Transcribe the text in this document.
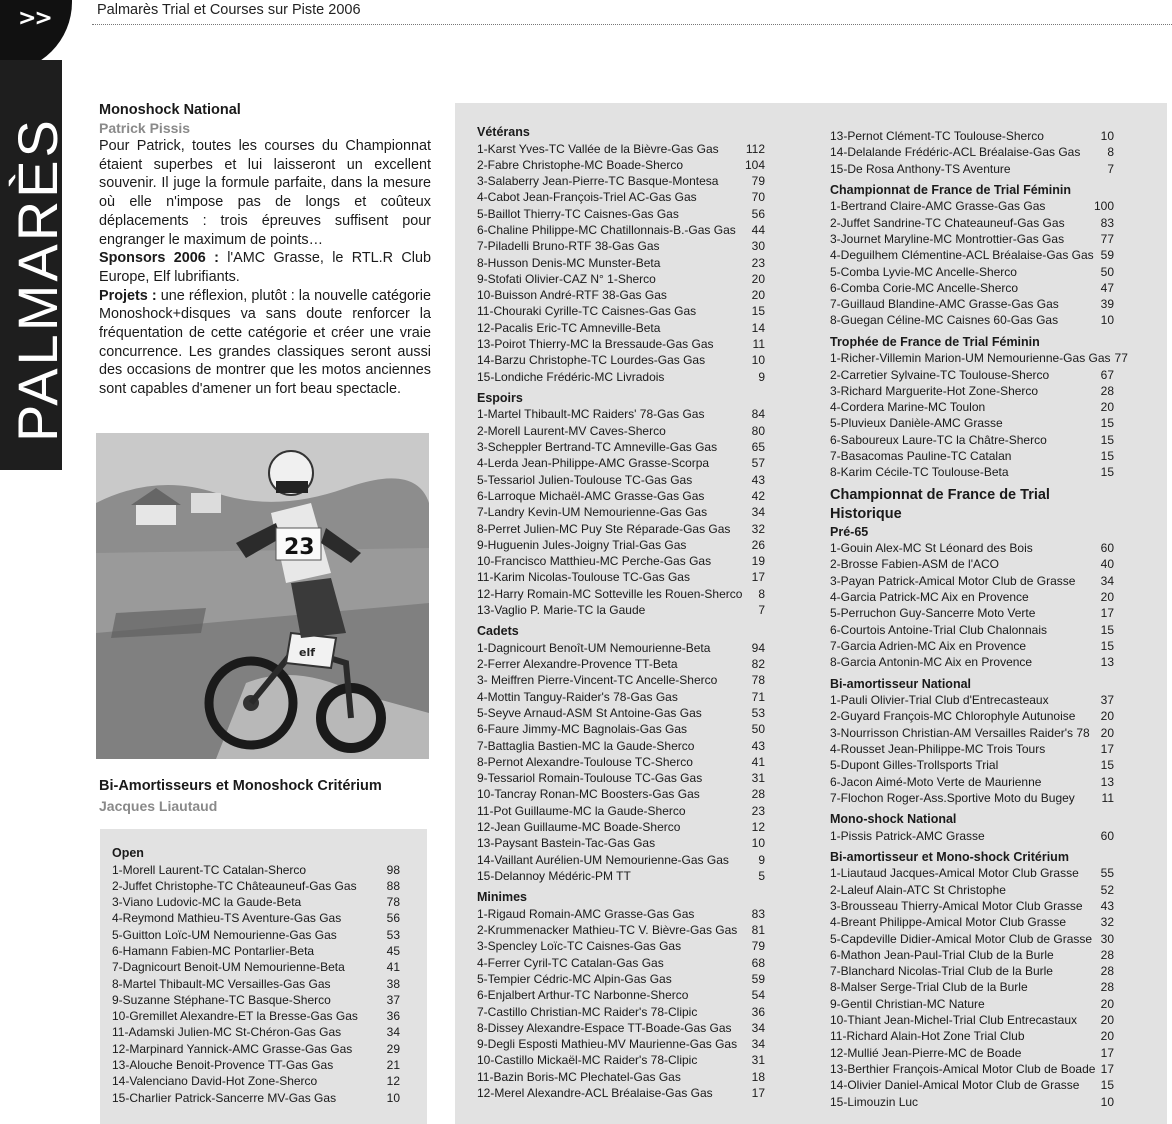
>>
PALMARÈS
Palmarès Trial et Courses sur Piste 2006
Monoshock National
Patrick Pissis

Pour Patrick, toutes les courses du Championnat étaient superbes et lui laisseront un excellent souvenir. Il juge la formule parfaite, dans la mesure où elle n'impose pas de longs et coûteux déplacements : trois épreuves suffisent pour engranger le maximum de points…

Sponsors 2006 : l'AMC Grasse, le RTL.R Club Europe, Elf lubrifiants.

Projets : une réflexion, plutôt : la nouvelle catégorie Monoshock+disques va sans doute renforcer la fréquentation de cette catégorie et créer une vraie concurrence. Les grandes classiques seront aussi des occasions de montrer que les motos anciennes sont capables d'amener un fort beau spectacle.

elf
23
Bi-Amortisseurs et Monoshock Critérium
Jacques Liautaud
Open
1-Morell Laurent-TC Catalan-Sherco	98
2-Juffet Christophe-TC Châteauneuf-Gas Gas	88
3-Viano Ludovic-MC la Gaude-Beta	78
4-Reymond Mathieu-TS Aventure-Gas Gas	56
5-Guitton Loïc-UM Nemourienne-Gas Gas	53
6-Hamann Fabien-MC Pontarlier-Beta	45
7-Dagnicourt Benoit-UM Nemourienne-Beta	41
8-Martel Thibault-MC Versailles-Gas Gas	38
9-Suzanne Stéphane-TC Basque-Sherco	37
10-Gremillet Alexandre-ET la Bresse-Gas Gas	36
11-Adamski Julien-MC St-Chéron-Gas Gas	34
12-Marpinard Yannick-AMC Grasse-Gas Gas	29
13-Alouche Benoit-Provence TT-Gas Gas	21
14-Valenciano David-Hot Zone-Sherco	12
15-Charlier Patrick-Sancerre MV-Gas Gas	10
Vétérans
1-Karst Yves-TC Vallée de la Bièvre-Gas Gas	112
2-Fabre Christophe-MC Boade-Sherco	104
3-Salaberry Jean-Pierre-TC Basque-Montesa	79
4-Cabot Jean-François-Triel AC-Gas Gas	70
5-Baillot Thierry-TC Caisnes-Gas Gas	56
6-Chaline Philippe-MC Chatillonnais-B.-Gas Gas	44
7-Piladelli Bruno-RTF 38-Gas Gas	30
8-Husson Denis-MC Munster-Beta	23
9-Stofati Olivier-CAZ N° 1-Sherco	20
10-Buisson André-RTF 38-Gas Gas	20
11-Chouraki Cyrille-TC Caisnes-Gas Gas	15
12-Pacalis Eric-TC Amneville-Beta	14
13-Poirot Thierry-MC la Bressaude-Gas Gas	11
14-Barzu Christophe-TC Lourdes-Gas Gas	10
15-Londiche Frédéric-MC Livradois	9
Espoirs
1-Martel Thibault-MC Raiders' 78-Gas Gas	84
2-Morell Laurent-MV Caves-Sherco	80
3-Scheppler Bertrand-TC Amneville-Gas Gas	65
4-Lerda Jean-Philippe-AMC Grasse-Scorpa	57
5-Tessariol Julien-Toulouse TC-Gas Gas	43
6-Larroque Michaël-AMC Grasse-Gas Gas	42
7-Landry Kevin-UM Nemourienne-Gas Gas	34
8-Perret Julien-MC Puy Ste Réparade-Gas Gas	32
9-Huguenin Jules-Joigny Trial-Gas Gas	26
10-Francisco Matthieu-MC Perche-Gas Gas	19
11-Karim Nicolas-Toulouse TC-Gas Gas	17
12-Harry Romain-MC Sotteville les Rouen-Sherco	8
13-Vaglio P. Marie-TC la Gaude	7
Cadets
1-Dagnicourt Benoît-UM Nemourienne-Beta	94
2-Ferrer Alexandre-Provence TT-Beta	82
3- Meiffren Pierre-Vincent-TC Ancelle-Sherco	78
4-Mottin Tanguy-Raider's 78-Gas Gas	71
5-Seyve Arnaud-ASM St Antoine-Gas Gas	53
6-Faure Jimmy-MC Bagnolais-Gas Gas	50
7-Battaglia Bastien-MC la Gaude-Sherco	43
8-Pernot Alexandre-Toulouse TC-Sherco	41
9-Tessariol Romain-Toulouse TC-Gas Gas	31
10-Tancray Ronan-MC Boosters-Gas Gas	28
11-Pot Guillaume-MC la Gaude-Sherco	23
12-Jean Guillaume-MC Boade-Sherco	12
13-Paysant Bastein-Tac-Gas Gas	10
14-Vaillant Aurélien-UM Nemourienne-Gas Gas	9
15-Delannoy Médéric-PM TT	5
Minimes
1-Rigaud Romain-AMC Grasse-Gas Gas	83
2-Krummenacker Mathieu-TC V. Bièvre-Gas Gas	81
3-Spencley Loïc-TC Caisnes-Gas Gas	79
4-Ferrer Cyril-TC Catalan-Gas Gas	68
5-Tempier Cédric-MC Alpin-Gas Gas	59
6-Enjalbert Arthur-TC Narbonne-Sherco	54
7-Castillo Christian-MC Raider's 78-Clipic	36
8-Dissey Alexandre-Espace TT-Boade-Gas Gas	34
9-Degli Esposti Mathieu-MV Maurienne-Gas Gas	34
10-Castillo Mickaël-MC Raider's 78-Clipic	31
11-Bazin Boris-MC Plechatel-Gas Gas	18
12-Merel Alexandre-ACL Bréalaise-Gas Gas	17
13-Pernot Clément-TC Toulouse-Sherco	10
14-Delalande Frédéric-ACL Bréalaise-Gas Gas	8
15-De Rosa Anthony-TS Aventure	7
Championnat de France de Trial Féminin
1-Bertrand Claire-AMC Grasse-Gas Gas	100
2-Juffet Sandrine-TC Chateauneuf-Gas Gas	83
3-Journet Maryline-MC Montrottier-Gas Gas	77
4-Deguilhem Clémentine-ACL Bréalaise-Gas Gas 59
5-Comba Lyvie-MC Ancelle-Sherco	50
6-Comba Corie-MC Ancelle-Sherco	47
7-Guillaud Blandine-AMC Grasse-Gas Gas	39
8-Guegan Céline-MC Caisnes 60-Gas Gas	10
Trophée de France de Trial Féminin
1-Richer-Villemin Marion-UM Nemourienne-Gas Gas 77
2-Carretier Sylvaine-TC Toulouse-Sherco	67
3-Richard Marguerite-Hot Zone-Sherco	28
4-Cordera Marine-MC Toulon	20
5-Pluvieux Danièle-AMC Grasse	15
6-Saboureux Laure-TC la Châtre-Sherco	15
7-Basacomas Pauline-TC Catalan	15
8-Karim Cécile-TC Toulouse-Beta	15
Championnat de France de Trial Historique
Pré-65
1-Gouin Alex-MC St Léonard des Bois	60
2-Brosse Fabien-ASM de l'ACO	40
3-Payan Patrick-Amical Motor Club de Grasse	34
4-Garcia Patrick-MC Aix en Provence	20
5-Perruchon Guy-Sancerre Moto Verte	17
6-Courtois Antoine-Trial Club Chalonnais	15
7-Garcia Adrien-MC Aix en Provence	15
8-Garcia Antonin-MC Aix en Provence	13
Bi-amortisseur National
1-Pauli Olivier-Trial Club d'Entrecasteaux	37
2-Guyard François-MC Chlorophyle Autunoise	20
3-Nourrisson Christian-AM Versailles Raider's 78 20
4-Rousset Jean-Philippe-MC Trois Tours	17
5-Dupont Gilles-Trollsports Trial	15
6-Jacon Aimé-Moto Verte de Maurienne	13
7-Flochon Roger-Ass.Sportive Moto du Bugey	11
Mono-shock National
1-Pissis Patrick-AMC Grasse	60
Bi-amortisseur et Mono-shock Critérium
1-Liautaud Jacques-Amical Motor Club Grasse	55
2-Laleuf Alain-ATC St Christophe	52
3-Brousseau Thierry-Amical Motor Club Grasse	43
4-Breant Philippe-Amical Motor Club Grasse	32
5-Capdeville Didier-Amical Motor Club de Grasse 30
6-Mathon Jean-Paul-Trial Club de la Burle	28
7-Blanchard Nicolas-Trial Club de la Burle	28
8-Malser Serge-Trial Club de la Burle	28
9-Gentil Christian-MC Nature	20
10-Thiant Jean-Michel-Trial Club Entrecastaux	20
11-Richard Alain-Hot Zone Trial Club	20
12-Mullié Jean-Pierre-MC de Boade	17
13-Berthier François-Amical Motor Club de Boade 17
14-Olivier Daniel-Amical Motor Club de Grasse	15
15-Limouzin Luc	10
